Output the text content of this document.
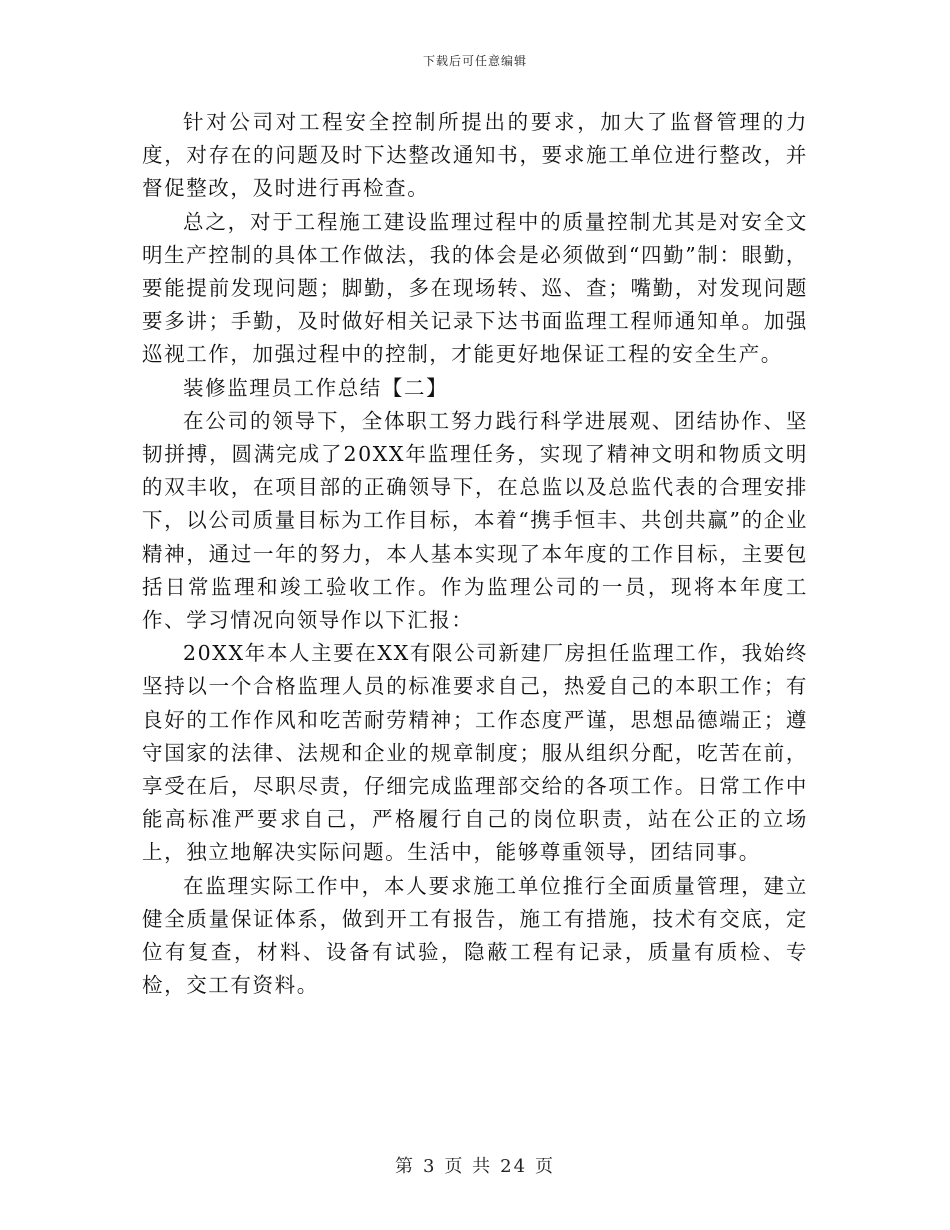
下载后可任意编辑

针对公司对工程安全控制所提出的要求，加大了监督管理的力度，对存在的问题及时下达整改通知书，要求施工单位进行整改，并督促整改，及时进行再检查。

总之，对于工程施工建设监理过程中的质量控制尤其是对安全文明生产控制的具体工作做法，我的体会是必须做到“四勤”制：眼勤，要能提前发现问题；脚勤，多在现场转、巡、查；嘴勤，对发现问题要多讲；手勤，及时做好相关记录下达书面监理工程师通知单。加强巡视工作，加强过程中的控制，才能更好地保证工程的安全生产。

装修监理员工作总结【二】

在公司的领导下，全体职工努力践行科学进展观、团结协作、坚韧拼搏，圆满完成了20XX年监理任务，实现了精神文明和物质文明的双丰收，在项目部的正确领导下，在总监以及总监代表的合理安排下，以公司质量目标为工作目标，本着“携手恒丰、共创共赢”的企业精神，通过一年的努力，本人基本实现了本年度的工作目标，主要包括日常监理和竣工验收工作。作为监理公司的一员，现将本年度工作、学习情况向领导作以下汇报：

20XX年本人主要在XX有限公司新建厂房担任监理工作，我始终坚持以一个合格监理人员的标准要求自己，热爱自己的本职工作；有良好的工作作风和吃苦耐劳精神；工作态度严谨，思想品德端正；遵守国家的法律、法规和企业的规章制度；服从组织分配，吃苦在前，享受在后，尽职尽责，仔细完成监理部交给的各项工作。日常工作中能高标准严要求自己，严格履行自己的岗位职责，站在公正的立场上，独立地解决实际问题。生活中，能够尊重领导，团结同事。

在监理实际工作中，本人要求施工单位推行全面质量管理，建立健全质量保证体系，做到开工有报告，施工有措施，技术有交底，定位有复查，材料、设备有试验，隐蔽工程有记录，质量有质检、专检，交工有资料。

第 3 页 共 24 页
